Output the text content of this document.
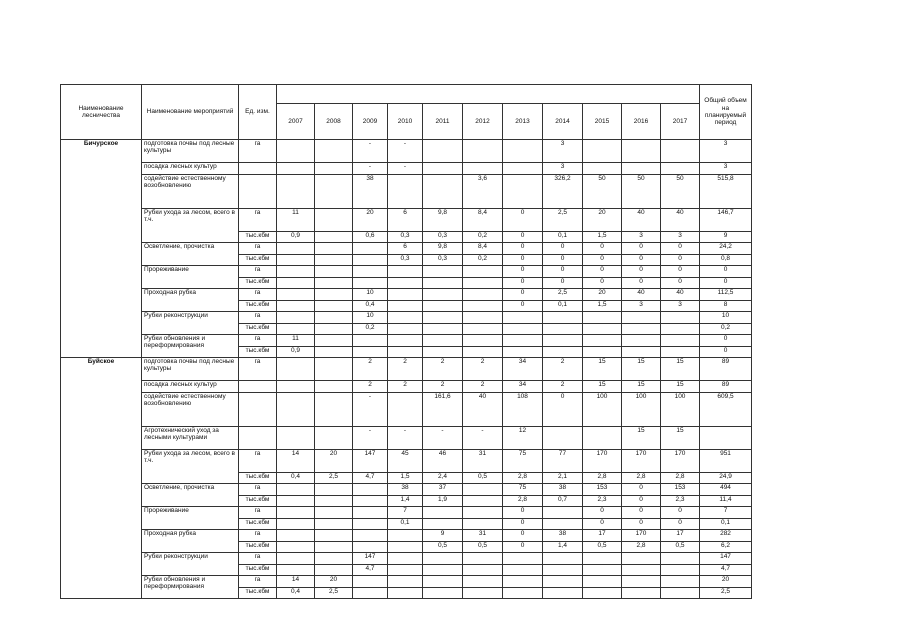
Наименование лесничества	Наименование мероприятий	Ед. изм.												Общий объем на планируемый период
			2007	2008	2009	2010	2011	2012	2013	2014	2015	2016	2017	
Бичурское	подготовка почвы под лесные культуры	га			-	-				3				3
	посадка лесных культур				-	-				3				3
	содействие естественному возобновлению				38			3,6		326,2	50	50	50	515,8
	Рубки ухода за лесом, всего в т.ч.	га	11		20	6	9,8	8,4	0	2,5	20	40	40	146,7
		тыс.кбм	0,9		0,6	0,3	0,3	0,2	0	0,1	1,5	3	3	9
	Осветление, прочистка	га				6	9,8	8,4	0	0	0	0	0	24,2
		тыс.кбм				0,3	0,3	0,2	0	0	0	0	0	0,8
	Прореживание	га							0	0	0	0	0	0
		тыс.кбм							0	0	0	0	0	0
	Проходная рубка	га			10				0	2,5	20	40	40	112,5
		тыс.кбм			0,4				0	0,1	1,5	3	3	8
	Рубки реконструкции	га			10									10
		тыс.кбм			0,2									0,2
	Рубки обновления и переформирования	га	11											0
		тыс.кбм	0,9											0
Буйское	подготовка почвы под лесные культуры	га			2	2	2	2	34	2	15	15	15	89
	посадка лесных культур				2	2	2	2	34	2	15	15	15	89
	содействие естественному возобновлению				-		161,6	40	108	0	100	100	100	609,5
	Агротехнический уход за лесными культурами				-	-	-	-	12			15	15	
	Рубки ухода за лесом, всего в т.ч.	га	14	20	147	45	46	31	75	77	170	170	170	951
		тыс.кбм	0,4	2,5	4,7	1,5	2,4	0,5	2,8	2,1	2,8	2,8	2,8	24,9
	Осветление, прочистка	га				38	37		75	38	153	0	153	494
		тыс.кбм				1,4	1,9		2,8	0,7	2,3	0	2,3	11,4
	Прореживание	га				7			0		0	0	0	7
		тыс.кбм				0,1			0		0	0	0	0,1
	Проходная рубка	га					9	31	0	38	17	170	17	282
		тыс.кбм					0,5	0,5	0	1,4	0,5	2,8	0,5	6,2
	Рубки реконструкции	га			147									147
		тыс.кбм			4,7									4,7
	Рубки обновления и переформирования	га	14	20										20
		тыс.кбм	0,4	2,5										2,5
